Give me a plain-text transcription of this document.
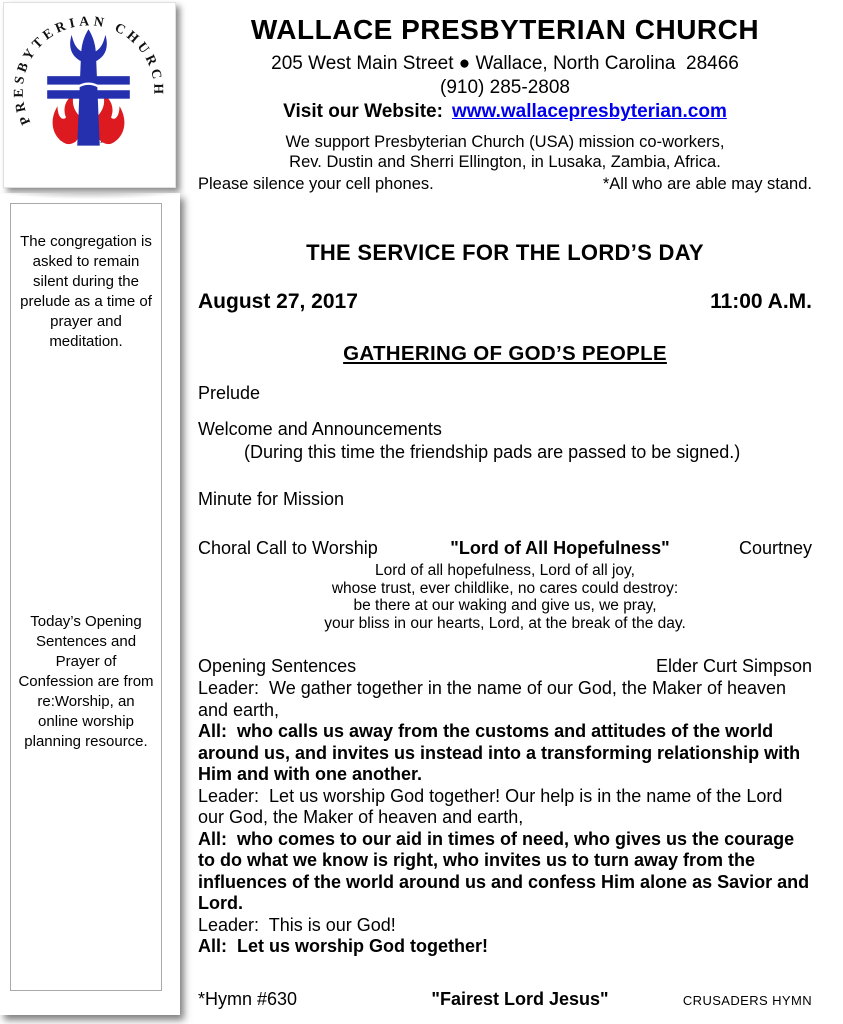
PRESBYTERIAN CHURCH
The congregation is asked to remain silent during the prelude as a time of prayer and meditation.
Today’s Opening Sentences and Prayer of Confession are from re:Worship, an online worship planning resource.
WALLACE PRESBYTERIAN CHURCH
205 West Main Street ● Wallace, North Carolina  28466
(910) 285-2808
Visit our Website: www.wallacepresbyterian.com
We support Presbyterian Church (USA) mission co-workers,
Rev. Dustin and Sherri Ellington, in Lusaka, Zambia, Africa.
Please silence your cell phones.	*All who are able may stand.
THE SERVICE FOR THE LORD’S DAY
August 27, 2017	11:00 A.M.
GATHERING OF GOD’S PEOPLE
Prelude
Welcome and Announcements
(During this time the friendship pads are passed to be signed.)
Minute for Mission
Choral Call to Worship	"Lord of All Hopefulness"	Courtney
Lord of all hopefulness, Lord of all joy,
whose trust, ever childlike, no cares could destroy:
be there at our waking and give us, we pray,
your bliss in our hearts, Lord, at the break of the day.
Opening Sentences	Elder Curt Simpson

Leader:  We gather together in the name of our God, the Maker of heaven and earth,

All:  who calls us away from the customs and attitudes of the world around us, and invites us instead into a transforming relationship with Him and with one another.

Leader:  Let us worship God together! Our help is in the name of the Lord our God, the Maker of heaven and earth,

All:  who comes to our aid in times of need, who gives us the courage to do what we know is right, who invites us to turn away from the influences of the world around us and confess Him alone as Savior and Lord.

Leader:  This is our God!

All:  Let us worship God together!

*Hymn #630	"Fairest Lord Jesus"	CRUSADERS HYMN
